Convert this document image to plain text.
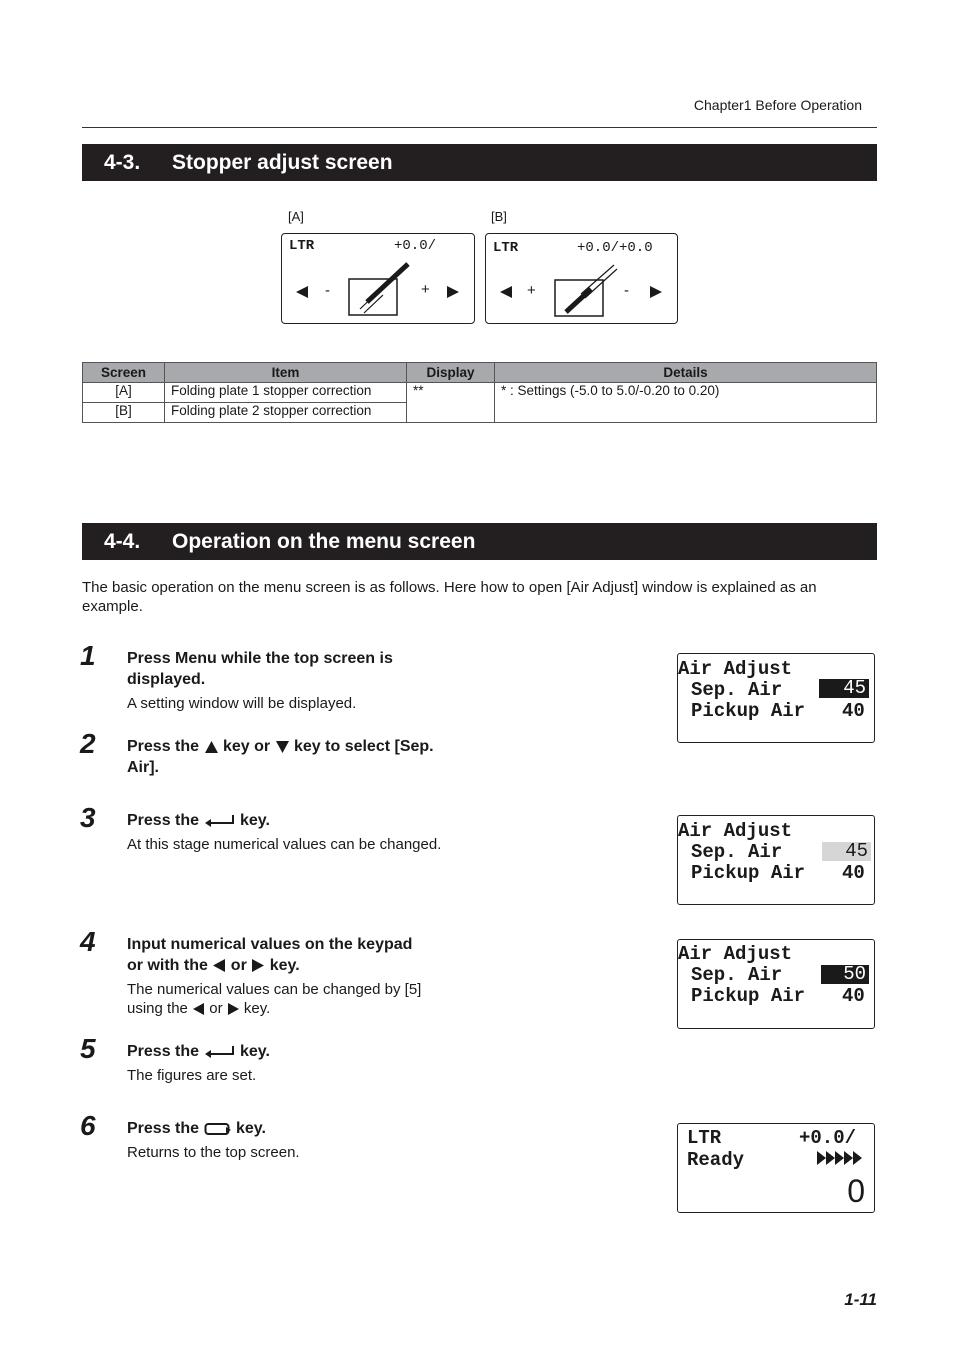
Chapter1 Before Operation
4-3. Stopper adjust screen
[A]
LTR	+0.0/
-	+
[B]
LTR	+0.0/+0.0
+	-
Screen	Item	Display	Details
[A]	Folding plate 1 stopper correction	**	* : Settings (-5.0 to 5.0/-0.20 to 0.20)
[B]	Folding plate 2 stopper correction		
4-4. Operation on the menu screen
The basic operation on the menu screen is as follows. Here how to open [Air Adjust] window is explained as an example.
1 Press Menu while the top screen is
displayed.
A setting window will be displayed.
2 Press the key or key to select [Sep.
Air].
3 Press the	key.
At this stage numerical values can be changed.
4 Input numerical values on the keypad
or with the or key.
The numerical values can be changed by [5]
using the or key.
5 Press the	key.
The figures are set.
6 Press the key.
Returns to the top screen.
Air Adjust
Sep. Air	45
Pickup Air 40
Air Adjust
Sep. Air	45
Pickup Air 40
Air Adjust
Sep. Air	50
Pickup Air 40
LTR	+0.0/
Ready
0
1-11
